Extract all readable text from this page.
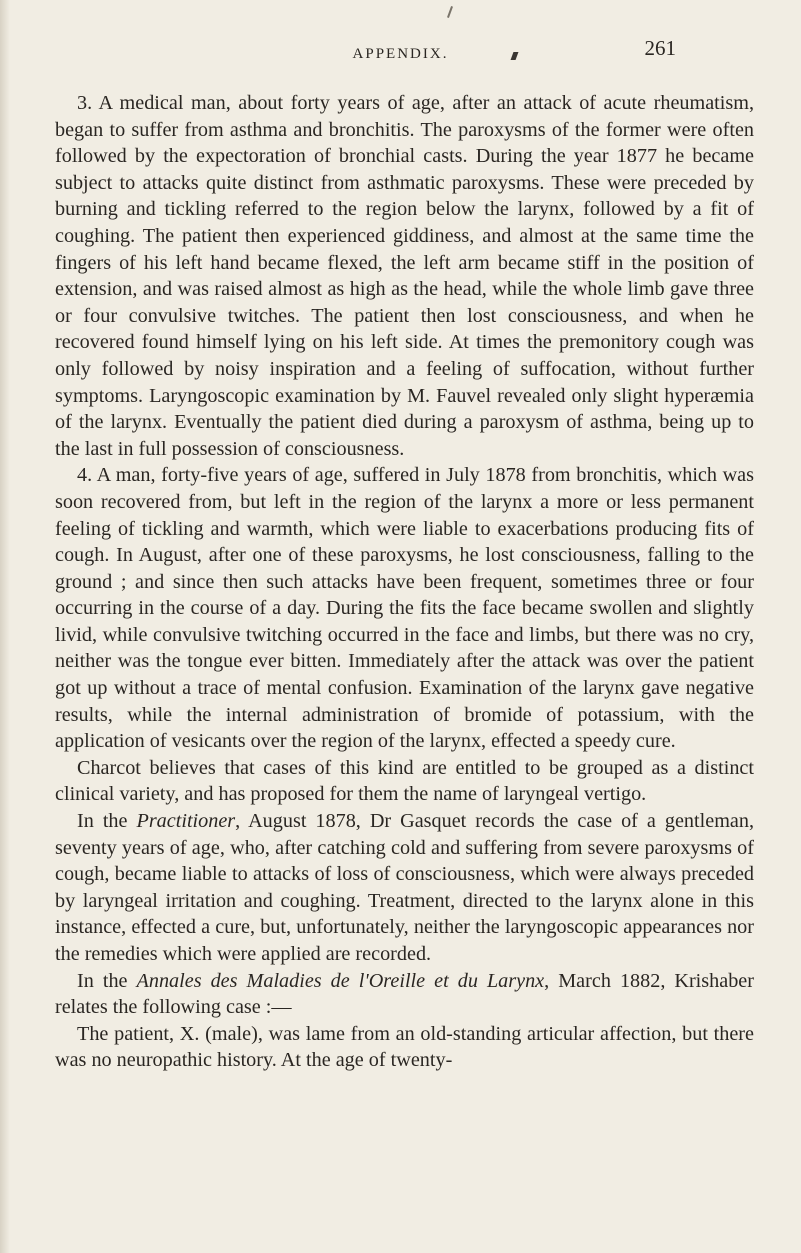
APPENDIX.	261

3. A medical man, about forty years of age, after an attack of acute rheumatism, began to suffer from asthma and bronchitis. The paroxysms of the former were often followed by the expectoration of bronchial casts. During the year 1877 he became subject to attacks quite distinct from asthmatic paroxysms. These were preceded by burning and tickling referred to the region below the larynx, followed by a fit of coughing. The patient then experienced giddiness, and almost at the same time the fingers of his left hand became flexed, the left arm became stiff in the position of extension, and was raised almost as high as the head, while the whole limb gave three or four convulsive twitches. The patient then lost consciousness, and when he recovered found himself lying on his left side. At times the premonitory cough was only followed by noisy inspiration and a feeling of suffocation, without further symptoms. Laryngoscopic examination by M. Fauvel revealed only slight hyperæmia of the larynx. Eventually the patient died during a paroxysm of asthma, being up to the last in full possession of consciousness.

4. A man, forty-five years of age, suffered in July 1878 from bronchitis, which was soon recovered from, but left in the region of the larynx a more or less permanent feeling of tickling and warmth, which were liable to exacerbations producing fits of cough. In August, after one of these paroxysms, he lost consciousness, falling to the ground ; and since then such attacks have been frequent, sometimes three or four occurring in the course of a day. During the fits the face became swollen and slightly livid, while convulsive twitching occurred in the face and limbs, but there was no cry, neither was the tongue ever bitten. Immediately after the attack was over the patient got up without a trace of mental confusion. Examination of the larynx gave negative results, while the internal administration of bromide of potassium, with the application of vesicants over the region of the larynx, effected a speedy cure.

Charcot believes that cases of this kind are entitled to be grouped as a distinct clinical variety, and has proposed for them the name of laryngeal vertigo.

In the Practitioner, August 1878, Dr Gasquet records the case of a gentleman, seventy years of age, who, after catching cold and suffering from severe paroxysms of cough, became liable to attacks of loss of consciousness, which were always preceded by laryngeal irritation and coughing. Treatment, directed to the larynx alone in this instance, effected a cure, but, unfortunately, neither the laryngoscopic appearances nor the remedies which were applied are recorded.

In the Annales des Maladies de l'Oreille et du Larynx, March 1882, Krishaber relates the following case :—

The patient, X. (male), was lame from an old-standing articular affection, but there was no neuropathic history. At the age of twenty-
